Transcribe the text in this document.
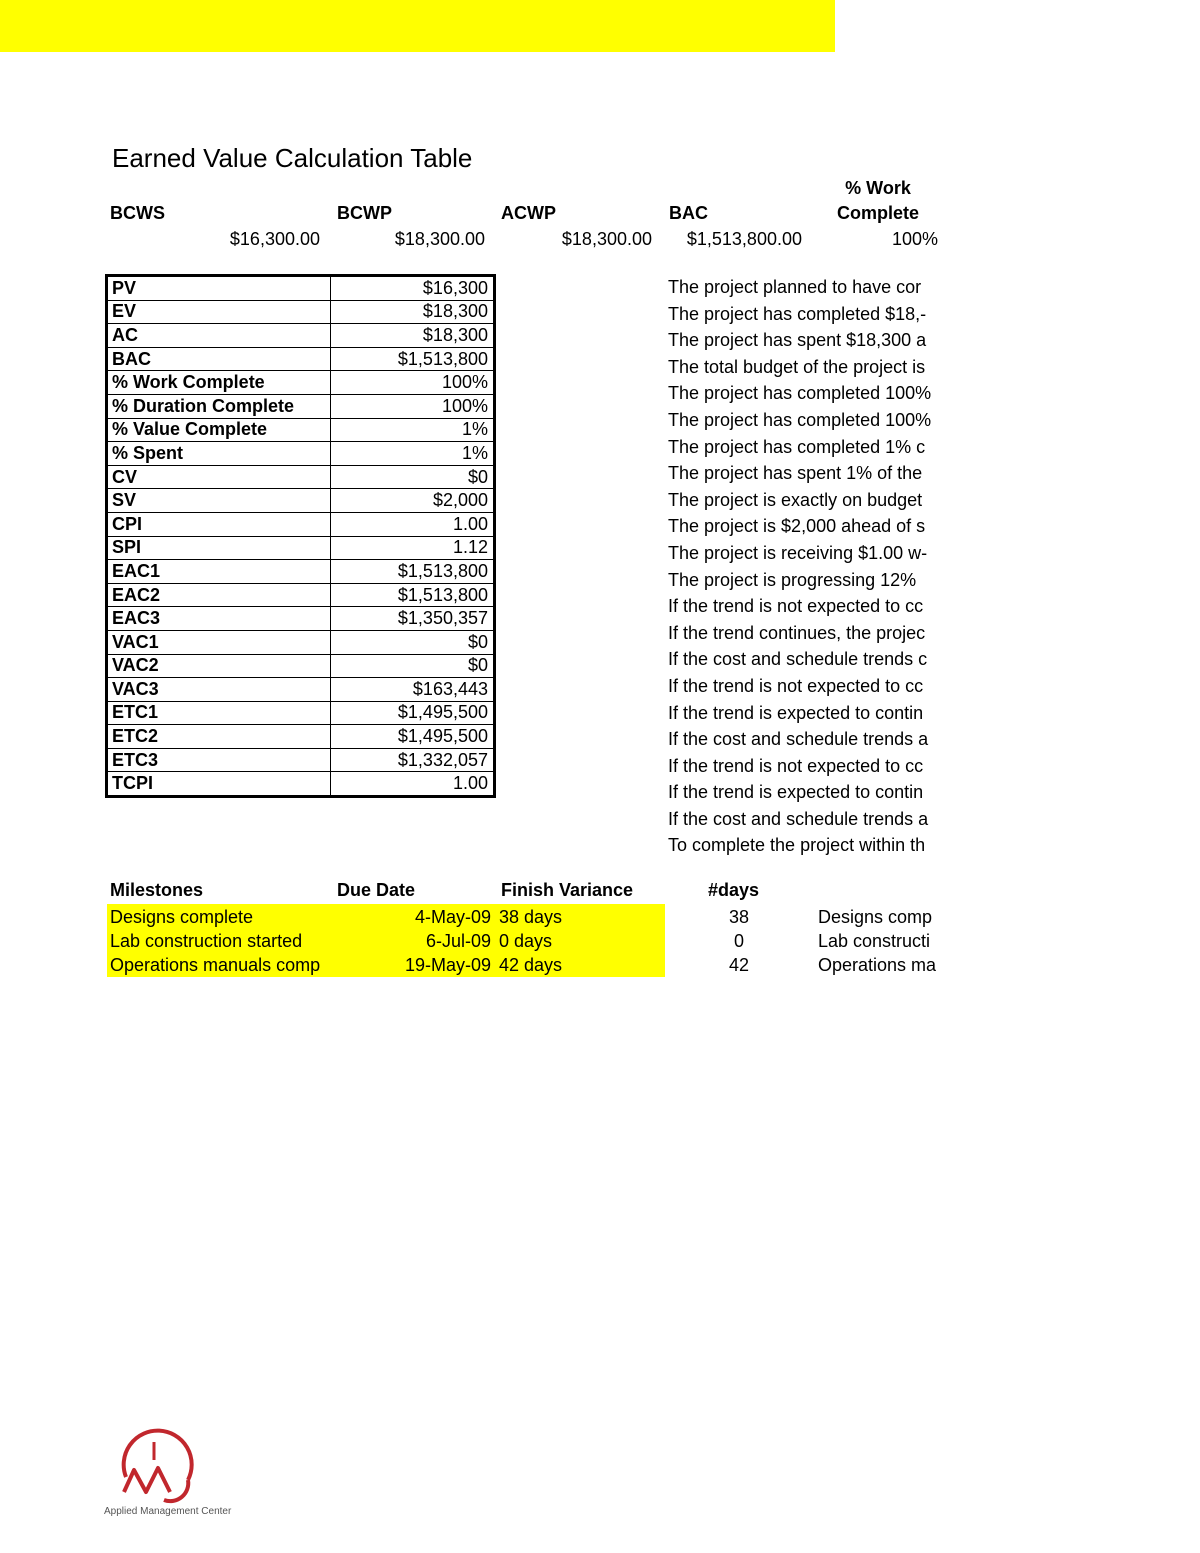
Earned Value Calculation Table
BCWS	BCWP	ACWP	BAC
% Work
Complete
$16,300.00	$18,300.00	$18,300.00	$1,513,800.00	100%
PV	$16,300
EV	$18,300
AC	$18,300
BAC	$1,513,800
% Work Complete	100%
% Duration Complete	100%
% Value Complete	1%
% Spent	1%
CV	$0
SV	$2,000
CPI	1.00
SPI	1.12
EAC1	$1,513,800
EAC2	$1,513,800
EAC3	$1,350,357
VAC1	$0
VAC2	$0
VAC3	$163,443
ETC1	$1,495,500
ETC2	$1,495,500
ETC3	$1,332,057
TCPI	1.00
The project planned to have cor
The project has completed $18,-
The project has spent $18,300 a
The total budget of the project is
The project has completed 100%
The project has completed 100%
The project has completed 1% c
The project has spent 1% of the
The project is exactly on budget
The project is $2,000 ahead of s
The project is receiving $1.00 w-
The project is progressing 12%
If the trend is not expected to cc
If the trend continues, the projec
If the cost and schedule trends c
If the trend is not expected to cc
If the trend is expected to contin
If the cost and schedule trends a
If the trend is not expected to cc
If the trend is expected to contin
If the cost and schedule trends a
To complete the project within th
Milestones	Due Date	Finish Variance	#days
Designs complete	4-May-09 38 days	38	Designs comp
Lab construction started	6-Jul-09 0 days	0	Lab constructi
Operations manuals comp	19-May-09 42 days	42	Operations ma
Applied Management Center
